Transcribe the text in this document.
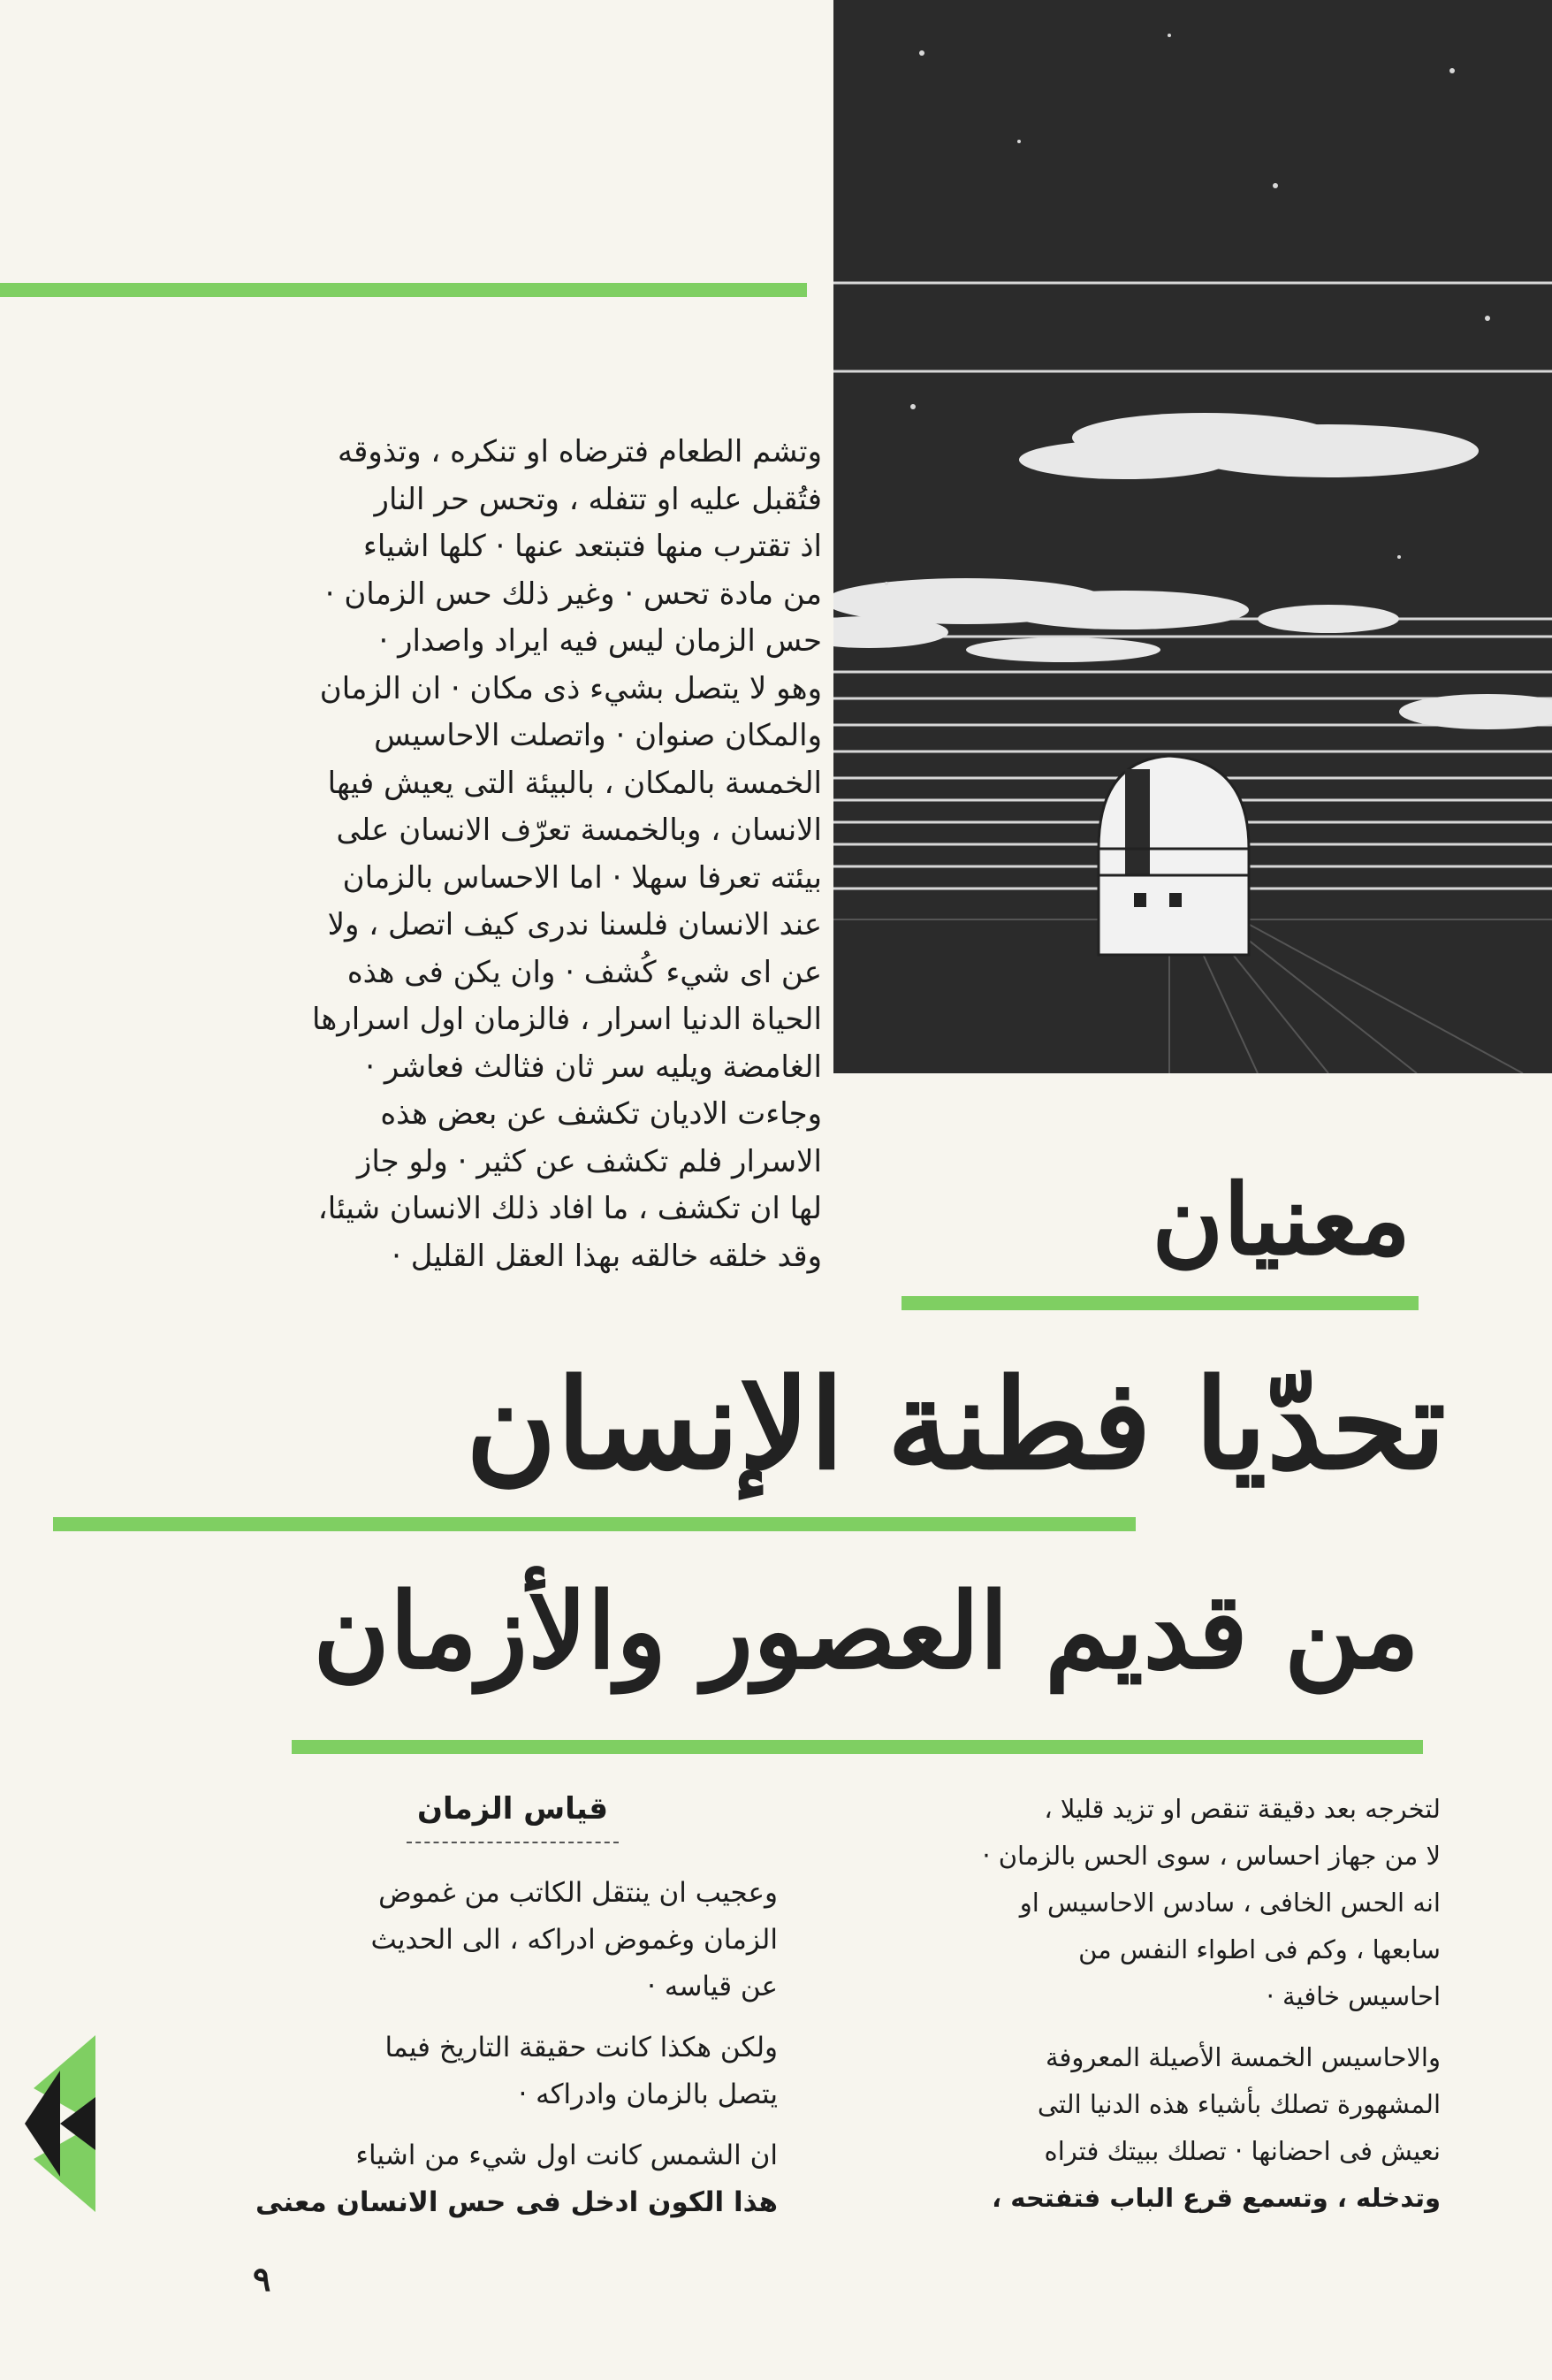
وتشم الطعام فترضاه او تنكره ، وتذوقه

فتُقبل عليه او تتفله ، وتحس حر النار

اذ تقترب منها فتبتعد عنها · كلها اشياء

من مادة تحس · وغير ذلك حس الزمان ·

حس الزمان ليس فيه ايراد واصدار ·

وهو لا يتصل بشيء ذى مكان · ان الزمان

والمكان صنوان · واتصلت الاحاسيس

الخمسة بالمكان ، بالبيئة التى يعيش فيها

الانسان ، وبالخمسة تعرّف الانسان على

بيئته تعرفا سهلا · اما الاحساس بالزمان

عند الانسان فلسنا ندرى كيف اتصل ، ولا

عن اى شيء كُشف · وان يكن فى هذه

الحياة الدنيا اسرار ، فالزمان اول اسرارها

الغامضة ويليه سر ثان فثالث فعاشر ·

وجاءت الاديان تكشف عن بعض هذه

الاسرار فلم تكشف عن كثير · ولو جاز

لها ان تكشف ، ما افاد ذلك الانسان شيئا،

وقد خلقه خالقه بهذا العقل القليل ·	معنيان
تحدّيا فطنة الإنسان
من قديم العصور والأزمان
قياس الزمان

وعجيب ان ينتقل الكاتب من غموض

الزمان وغموض ادراكه ، الى الحديث

عن قياسه ·

ولكن هكذا كانت حقيقة التاريخ فيما

يتصل بالزمان وادراكه ·

ان الشمس كانت اول شيء من اشياء

هذا الكون ادخل فى حس الانسان معنى

لتخرجه بعد دقيقة تنقص او تزيد قليلا ،

لا من جهاز احساس ، سوى الحس بالزمان ·

انه الحس الخافى ، سادس الاحاسيس او

سابعها ، وكم فى اطواء النفس من

احاسيس خافية ·

والاحاسيس الخمسة الأصيلة المعروفة

المشهورة تصلك بأشياء هذه الدنيا التى

نعيش فى احضانها · تصلك ببيتك فتراه

وتدخله ، وتسمع قرع الباب فتفتحه ،

٩
